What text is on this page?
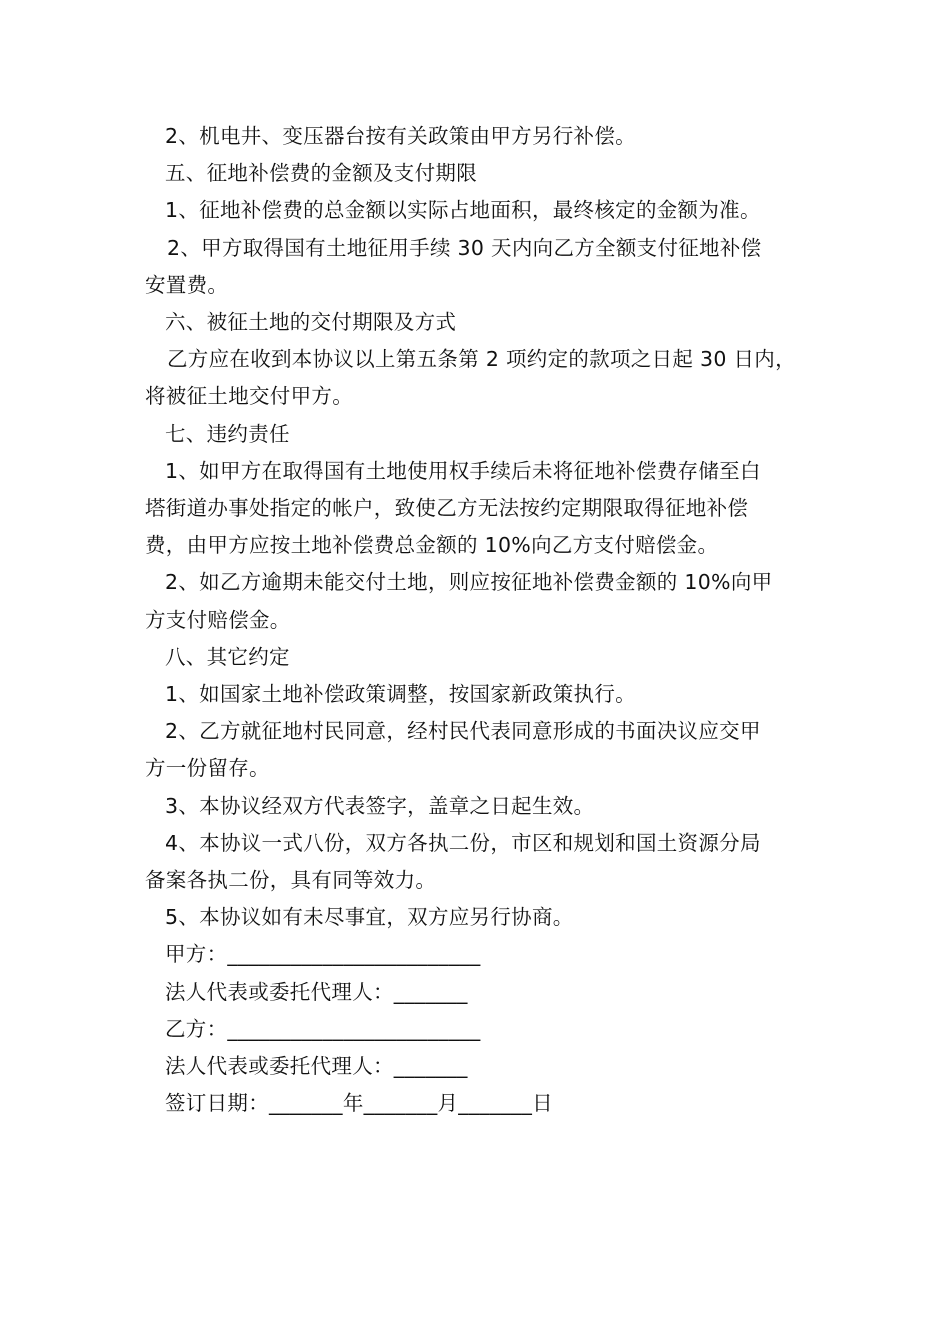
2、机电井、变压器台按有关政策由甲方另行补偿。

五、征地补偿费的金额及支付期限

1、征地补偿费的总金额以实际占地面积，最终核定的金额为准。

2、甲方取得国有土地征用手续 30 天内向乙方全额支付征地补偿

安置费。

六、被征土地的交付期限及方式

乙方应在收到本协议以上第五条第 2 项约定的款项之日起 30 日内，

将被征土地交付甲方。

七、违约责任

1、如甲方在取得国有土地使用权手续后未将征地补偿费存储至白

塔街道办事处指定的帐户，致使乙方无法按约定期限取得征地补偿

费，由甲方应按土地补偿费总金额的 10%向乙方支付赔偿金。

2、如乙方逾期未能交付土地，则应按征地补偿费金额的 10%向甲

方支付赔偿金。

八、其它约定

1、如国家土地补偿政策调整，按国家新政策执行。

2、乙方就征地村民同意，经村民代表同意形成的书面决议应交甲

方一份留存。

3、本协议经双方代表签字，盖章之日起生效。

4、本协议一式八份，双方各执二份，市区和规划和国土资源分局

备案各执二份，具有同等效力。

5、本协议如有未尽事宜，双方应另行协商。

甲方：________________________

法人代表或委托代理人：_______

乙方：________________________

法人代表或委托代理人：_______

签订日期：_______年_______月_______日
